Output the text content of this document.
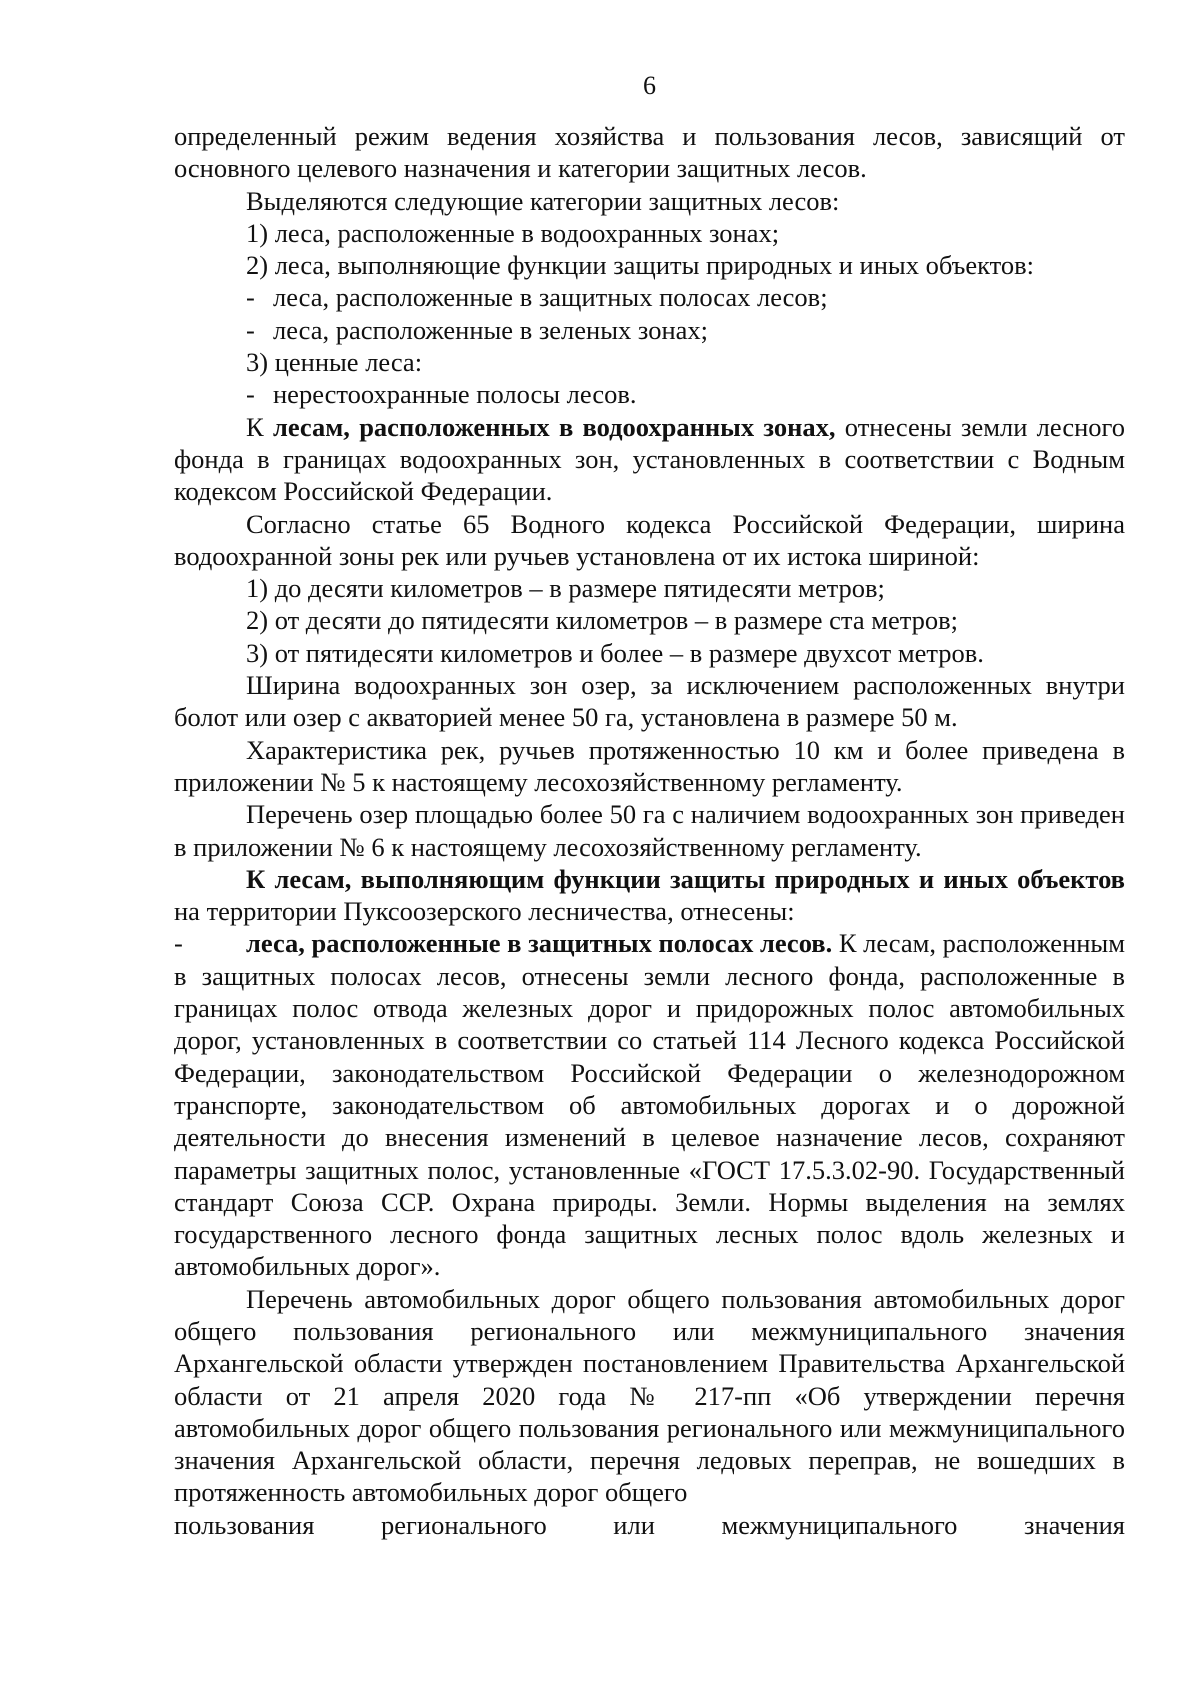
6

определенный режим ведения хозяйства и пользования лесов, зависящий от основного целевого назначения и категории защитных лесов.

Выделяются следующие категории защитных лесов:

1) леса, расположенные в водоохранных зонах;

2) леса, выполняющие функции защиты природных и иных объектов:

- леса, расположенные в защитных полосах лесов;

- леса, расположенные в зеленых зонах;

3) ценные леса:

- нерестоохранные полосы лесов.

К лесам, расположенных в водоохранных зонах, отнесены земли лесного фонда в границах водоохранных зон, установленных в соответствии с Водным кодексом Российской Федерации.

Согласно статье 65 Водного кодекса Российской Федерации, ширина водоохранной зоны рек или ручьев установлена от их истока шириной:

1) до десяти километров – в размере пятидесяти метров;

2) от десяти до пятидесяти километров – в размере ста метров;

3) от пятидесяти километров и более – в размере двухсот метров.

Ширина водоохранных зон озер, за исключением расположенных внутри болот или озер с акваторией менее 50 га, установлена в размере 50 м.

Характеристика рек, ручьев протяженностью 10 км и более приведена в приложении № 5 к настоящему лесохозяйственному регламенту.

Перечень озер площадью более 50 га с наличием водоохранных зон приведен в приложении № 6 к настоящему лесохозяйственному регламенту.

К лесам, выполняющим функции защиты природных и иных объектов на территории Пуксоозерского лесничества, отнесены:

- леса, расположенные в защитных полосах лесов. К лесам, расположенным в защитных полосах лесов, отнесены земли лесного фонда, расположенные в границах полос отвода железных дорог и придорожных полос автомобильных дорог, установленных в соответствии со статьей 114 Лесного кодекса Российской Федерации, законодательством Российской Федерации о железнодорожном транспорте, законодательством об автомобильных дорогах и о дорожной деятельности до внесения изменений в целевое назначение лесов, сохраняют параметры защитных полос, установленные «ГОСТ 17.5.3.02-90. Государственный стандарт Союза ССР. Охрана природы. Земли. Нормы выделения на землях государственного лесного фонда защитных лесных полос вдоль железных и автомобильных дорог».

Перечень автомобильных дорог общего пользования автомобильных дорог общего пользования регионального или межмуниципального значения Архангельской области утвержден постановлением Правительства Архангельской области от 21 апреля 2020 года № 217-пп «Об утверждении перечня автомобильных дорог общего пользования регионального или межмуниципального значения Архангельской области, перечня ледовых переправ, не вошедших в протяженность автомобильных дорог общего

пользования регионального или межмуниципального значения
